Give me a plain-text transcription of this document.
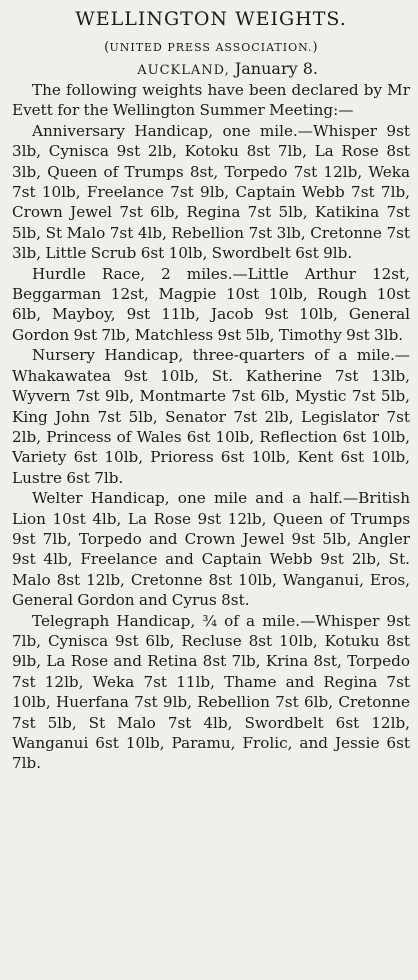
WELLINGTON WEIGHTS.
(UNITED PRESS ASSOCIATION.)
AUCKLAND, January 8.

The following weights have been declared by Mr Evett for the Wellington Summer Meeting:—

Anniversary Handicap, one mile.—Whisper 9st 3lb, Cynisca 9st 2lb, Kotoku 8st 7lb, La Rose 8st 3lb, Queen of Trumps 8st, Torpedo 7st 12lb, Weka 7st 10lb, Freelance 7st 9lb, Captain Webb 7st 7lb, Crown Jewel 7st 6lb, Regina 7st 5lb, Katikina 7st 5lb, St Malo 7st 4lb, Rebellion 7st 3lb, Cretonne 7st 3lb, Little Scrub 6st 10lb, Swordbelt 6st 9lb.

Hurdle Race, 2 miles.—Little Arthur 12st, Beggarman 12st, Magpie 10st 10lb, Rough 10st 6lb, Mayboy, 9st 11lb, Jacob 9st 10lb, General Gordon 9st 7lb, Matchless 9st 5lb, Timothy 9st 3lb.

Nursery Handicap, three-quarters of a mile.—Whakawatea 9st 10lb, St. Katherine 7st 13lb, Wyvern 7st 9lb, Montmarte 7st 6lb, Mystic 7st 5lb, King John 7st 5lb, Senator 7st 2lb, Legislator 7st 2lb, Princess of Wales 6st 10lb, Reflection 6st 10lb, Variety 6st 10lb, Prioress 6st 10lb, Kent 6st 10lb, Lustre 6st 7lb.

Welter Handicap, one mile and a half.—British Lion 10st 4lb, La Rose 9st 12lb, Queen of Trumps 9st 7lb, Torpedo and Crown Jewel 9st 5lb, Angler 9st 4lb, Freelance and Captain Webb 9st 2lb, St. Malo 8st 12lb, Cretonne 8st 10lb, Wanganui, Eros, General Gordon and Cyrus 8st.

Telegraph Handicap, ¾ of a mile.—Whisper 9st 7lb, Cynisca 9st 6lb, Recluse 8st 10lb, Kotuku 8st 9lb, La Rose and Retina 8st 7lb, Krina 8st, Torpedo 7st 12lb, Weka 7st 11lb, Thame and Regina 7st 10lb, Huerfana 7st 9lb, Rebellion 7st 6lb, Cretonne 7st 5lb, St Malo 7st 4lb, Swordbelt 6st 12lb, Wanganui 6st 10lb, Paramu, Frolic, and Jessie 6st 7lb.
